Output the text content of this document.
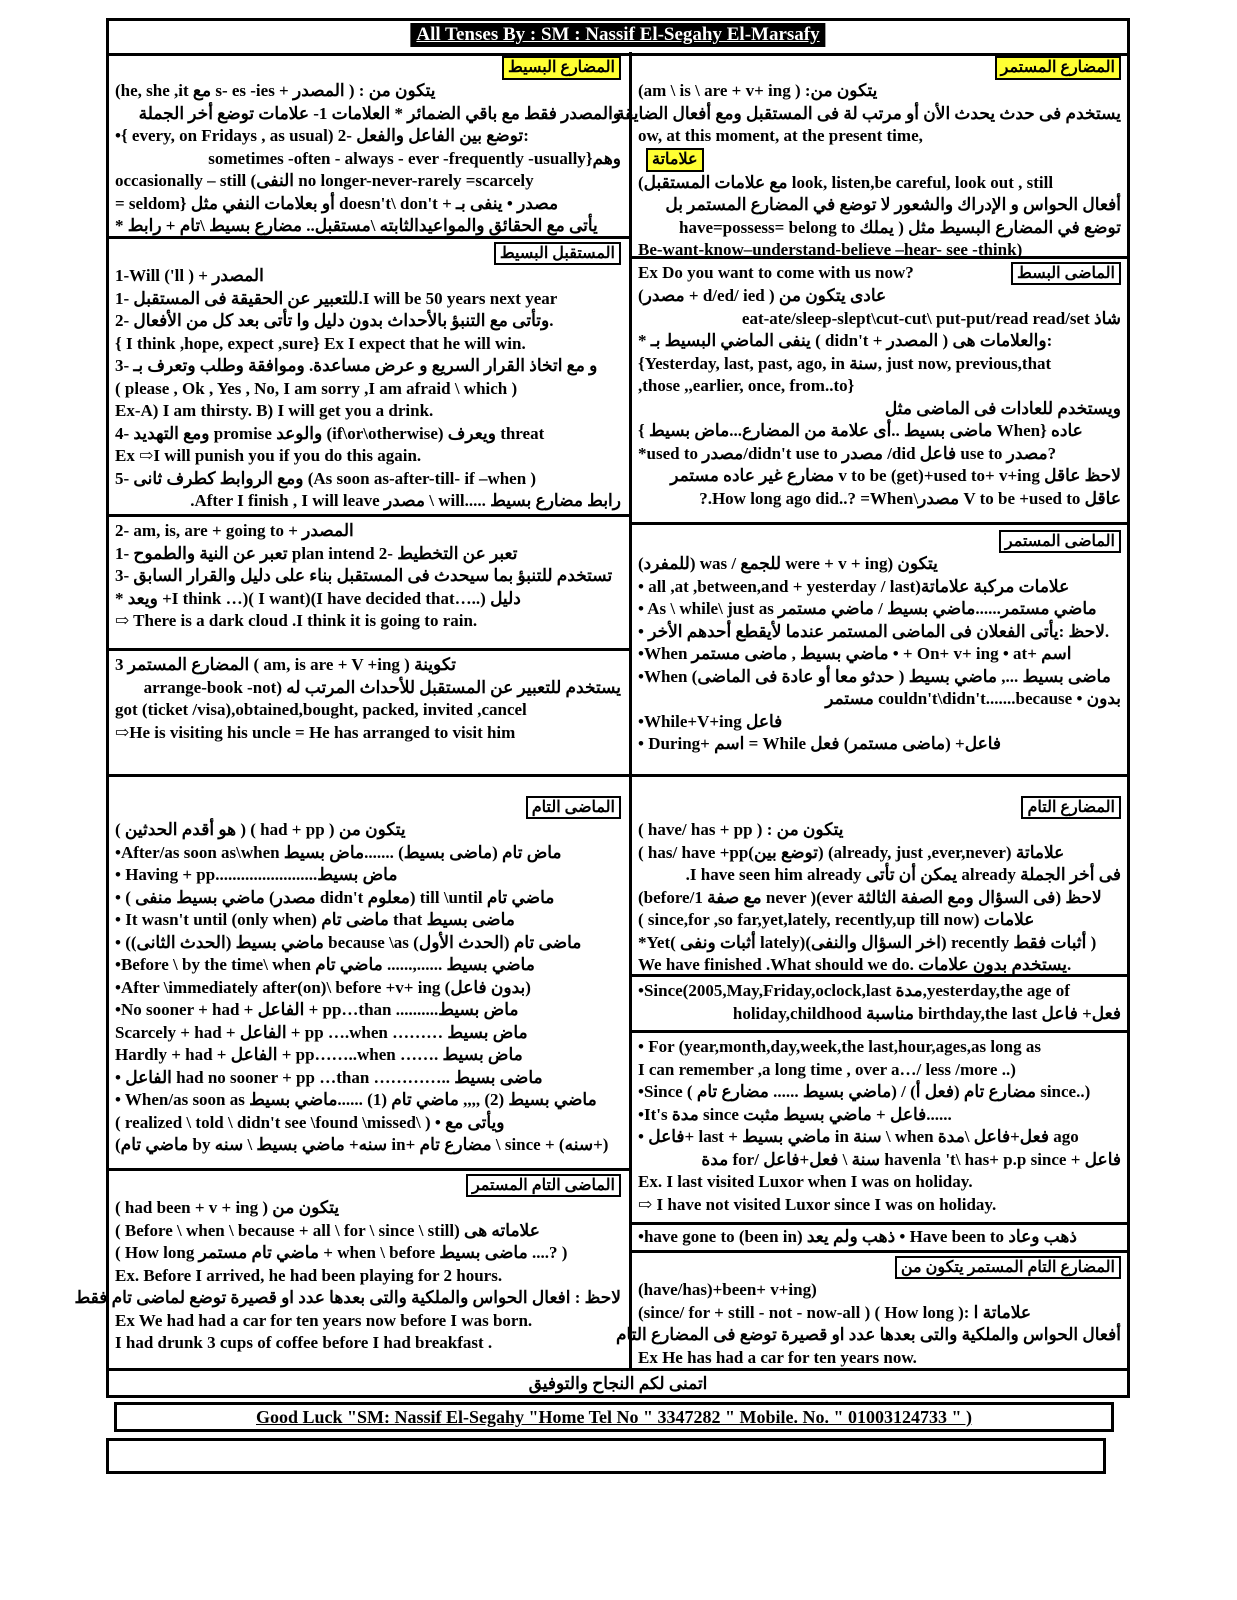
All Tenses By : SM : Nassif El-Segahy El-Marsafy
المضارع البسيط
(he, she ,it مع s- es -ies + المصدر ) : يتكون من
والمصدر فقط مع باقي الضمائر * العلامات 1- علامات توضع أخر الجملة
•{ every, on Fridays , as usual) 2- توضع بين الفاعل والفعل:
وهم{sometimes -often - always - ever -frequently -usually
occasionally – still (النفى no longer-never-rarely =scarcely
= seldom} أو بعلامات النفي مثل doesn't\ don't + مصدر • ينفى بـ
* يأتى مع الحقائق والمواعيدالثابته \مستقبل.. مضارع بسيط \تام + رابط
المضارع المستمر
(am \ is \ are + v+ ing ) :يتكون من
يستخدم فى حدث يحدث الأن أو مرتب لة فى المستقبل ومع أفعال الضايقة
ow, at this moment, at the present time,
علاماتة
(مع علامات المستقبل look, listen,be careful, look out , still
أفعال الحواس و الإدراك والشعور لا توضع في المضارع المستمر بل
توضع في المضارع البسيط مثل ( يملك have=possess= belong to
Be-want-know–understand-believe –hear- see -think)
Ex Do you want to come with us now?
المستقبل البسيط
1-Will ('ll ) + المصدر
1- للتعبير عن الحقيقة فى المستقبل.I will be 50 years next year
2- وتأتى مع التنبؤ بالأحداث بدون دليل وا تأتى بعد كل من الأفعال.
{ I think ,hope, expect ,sure} Ex I expect that he will win.
3- و مع اتخاذ القرار السريع و عرض مساعدة. وموافقة وطلب وتعرف بـ
( please , Ok , Yes , No, I am sorry ,I am afraid \ which )
Ex-A) I am thirsty. B) I will get you a drink.
4- ومع التهديد promise والوعد (if\or\otherwise) ويعرف threat
Ex ⇨I will punish you if you do this again.
5- ومع الروابط كطرف ثانى (As soon as-after-till- if –when )
رابط مضارع بسيط .....will \ مصدر After I finish , I will leave.
الماضى البسط
(مصدر + d/ed/ ied ) عادى يتكون من
شاذ eat-ate/sleep-slept\cut-cut\ put-put/read read/set
* ينفى الماضي البسيط بـ ( didn't + المصدر ) والعلامات هى:
{Yesterday, last, past, ago, in سنة, just now, previous,that
,those ,,earlier, once, from..to}
ويستخدم للعادات فى الماضى مثل
{ ماضى بسيط ..أى علامة من المضارع...ماض بسيط When} عاده
*used to مصدر/didn't use to مصدر /did فاعل use to مصدر?
لاحظ عاقل v to be (get)+used to+ v+ing مضارع غير عاده مستمر
عاقل V to be +used to مصدر\How long ago did..? =When.?
2- am, is, are + going to + المصدر
1- تعبر عن النية والطموح plan intend 2- تعبر عن التخطيط
3- تستخدم للتنبؤ بما سيحدث فى المستقبل بناء على دليل والقرار السابق
* ويعد +I think …)( I want)(I have decided that…..) دليل
⇨ There is a dark cloud .I think it is going to rain.
3 المضارع المستمر ( am, is are + V +ing ) تكوينة
يستخدم للتعبير عن المستقبل للأحداث المرتب له (arrange-book -not
got (ticket /visa),obtained,bought, packed, invited ,cancel
⇨He is visiting his uncle = He has arranged to visit him
الماضى المستمر
(للمفرد) was / للجمع were + v + ing) يتكون
• all ,at ,between,and + yesterday / last)علامات مركبة علاماتة
• As \ while\ just as ماضي مستمر......ماضي بسيط / ماضي مستمر
• لاحظ :يأتى الفعلان فى الماضى المستمر عندما لأيقطع أحدهم الأخر.
•When ماضي بسيط , ماضى مستمر • + On+ v+ ing • at+ اسم
•When ماضى بسيط ..., ماضي بسيط ( حدثو معا أو عادة فى الماضى)
بدون • couldn't\didn't.......because مستمر
•While+V+ing فاعل
• During+ اسم = While فاعل+ (ماضى مستمر) فعل
الماضى التام
( هو أقدم الحدثين ) ( had + pp ) يتكون من
•After/as soon as\when ماض تام (ماضى بسيط) .......ماض بسيط
• Having + pp........................ماض بسيط
• ( ماضي بسيط منفى (مصدر didn't معلوم) till \until ماضي تام
• It wasn't until (only when) ماضى تام that ماضى بسيط
• (ماضي بسيط (الحدث الثانى) because \as (الحدث الأول) ماضى تام
•Before \ by the time\ when ماضي بسيط ......,...... ماضي تام
•After \immediately after(on)\ before +v+ ing (بدون فاعل)
•No sooner + had + الفاعل + pp…than ..........ماض بسيط
Scarcely + had + الفاعل + pp ….when ……… ماض بسيط
Hardly + had + الفاعل + pp……..when ……. ماض بسيط
• الفاعل had no sooner + pp …than ………….. ماضى بسيط
• When/as soon as ماضي بسيط (2) ,,,, ماضي تام (1) ......ماضي بسيط
( realized \ told \ didn't see \found \missed\ ) • ويأتى مع
(ماضي تام by سنه+ ماضي بسيط \ سنه in+ مضارع تام \ since + (سنه+)
المضارع التام
( have/ has + pp ) : يتكون من
( has/ have +pp(توضع بين) (already, just ,ever,never) علاماتة
فى أخر الجملة already يمكن أن تأتى I have seen him already.
(before/1 مع صفة never )(ever فى السؤال ومع الصفة الثالثة) لاحظ
( since,for ,so far,yet,lately, recently,up till now) علامات
*Yet( أثبات ونفى lately)(اخر السؤال والنفى) recently أثبات فقط )
We have finished .What should we do. يستخدم بدون علامات.
•Since(2005,May,Friday,oclock,last مدة,yesterday,the age of
فعل+ فاعل birthday,the last مناسبة holiday,childhood
• For (year,month,day,week,the last,hour,ages,as long as
I can remember ,a long time , over a…/ less /more ..)
•Since ( ماضي بسيط ...... مضارع تام) / (فعل أ) مضارع تام since..)
•It's مدة since فاعل + ماضي بسيط مثبت......
• فاعل+ last + ماضي بسيط in سنة \ when فعل+فاعل \مدة ago
فاعل + havenla 't\ has+ p.p since سنة \ فعل+فاعل /for مدة
Ex. I last visited Luxor when I was on holiday.
⇨ I have not visited Luxor since I was on holiday.
•have gone to (been in) ذهب ولم يعد • Have been to ذهب وعاد
الماضى التام المستمر
( had been + v + ing ) يتكون من
( Before \ when \ because + all \ for \ since \ still) علاماته هى
( How long ماضي تام مستمر + when \ before ماضى بسيط ....? )
Ex. Before I arrived, he had been playing for 2 hours.
لاحظ : افعال الحواس والملكية والتى بعدها عدد او قصيرة توضع لماضى تام فقط
Ex We had had a car for ten years now before I was born.
I had drunk 3 cups of coffee before I had breakfast .
المضارع التام المستمر يتكون من
(have/has)+been+ v+ing)
(since/ for + still - not - now-all ) ( How long ): علاماتة ا
أفعال الحواس والملكية والتى بعدها عدد او قصيرة توضع فى المضارع التام
Ex He has had a car for ten years now.
اتمنى لكم النجاح والتوفيق
Good Luck "SM: Nassif El-Segahy "Home Tel No " 3347282 " Mobile. No. " 01003124733 " )
